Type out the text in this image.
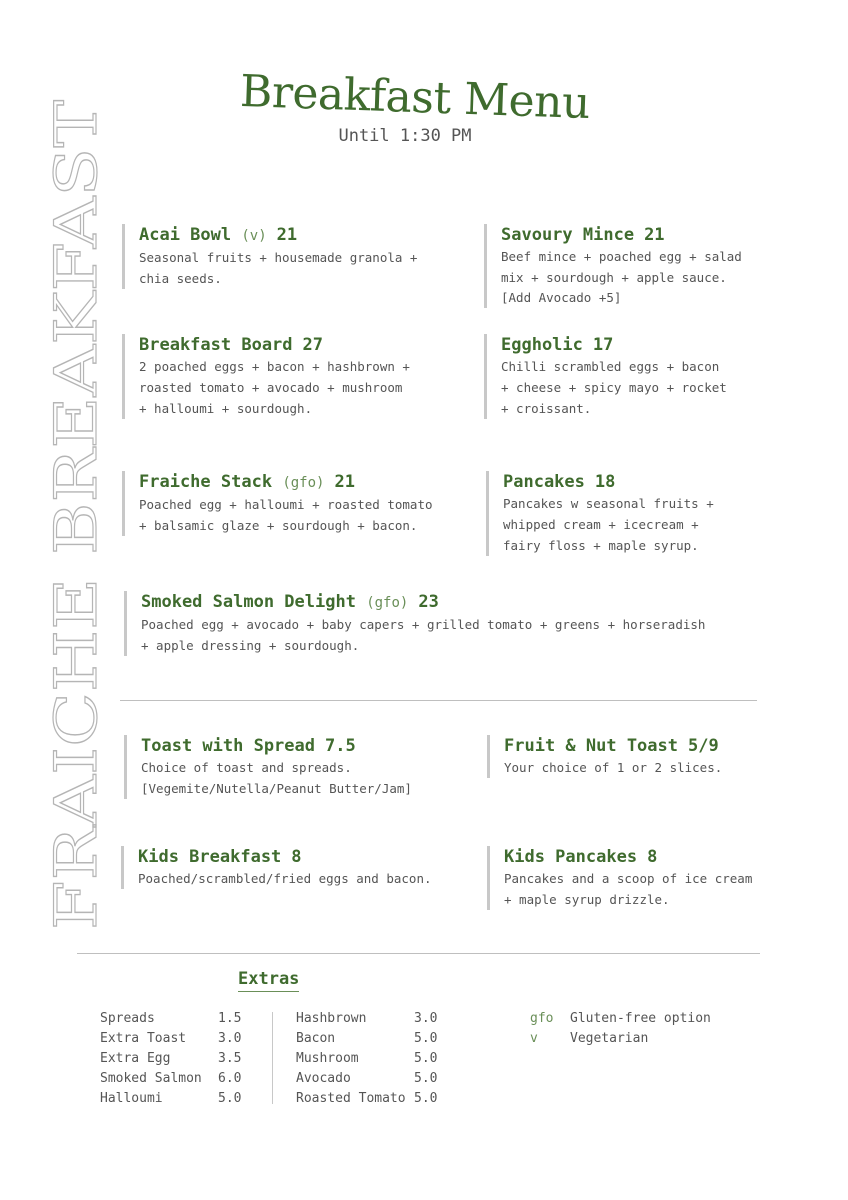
FRAICHE BREAKFAST
Breakfast Menu
Until 1:30 PM
Acai Bowl (v) 21
Seasonal fruits + housemade granola +
chia seeds.
Savoury Mince 21
Beef mince + poached egg + salad
mix + sourdough + apple sauce.
[Add Avocado +5]
Breakfast Board 27
2 poached eggs + bacon + hashbrown +
roasted tomato + avocado + mushroom
+ halloumi + sourdough.
Eggholic 17
Chilli scrambled eggs + bacon
+ cheese + spicy mayo + rocket
+ croissant.
Fraiche Stack (gfo) 21
Poached egg + halloumi + roasted tomato
+ balsamic glaze + sourdough + bacon.
Pancakes 18
Pancakes w seasonal fruits +
whipped cream + icecream +
fairy floss + maple syrup.
Smoked Salmon Delight (gfo) 23
Poached egg + avocado + baby capers + grilled tomato + greens + horseradish
+ apple dressing + sourdough.
Toast with Spread 7.5
Choice of toast and spreads.
[Vegemite/Nutella/Peanut Butter/Jam]
Fruit & Nut Toast 5/9
Your choice of 1 or 2 slices.
Kids Breakfast 8
Poached/scrambled/fried eggs and bacon.
Kids Pancakes 8
Pancakes and a scoop of ice cream
+ maple syrup drizzle.
Extras
Spreads	1.5
Extra Toast	3.0
Extra Egg	3.5
Smoked Salmon	6.0
Halloumi	5.0
Hashbrown	3.0
Bacon	5.0
Mushroom	5.0
Avocado	5.0
Roasted Tomato 5.0
gfo	Gluten-free option
v	Vegetarian
